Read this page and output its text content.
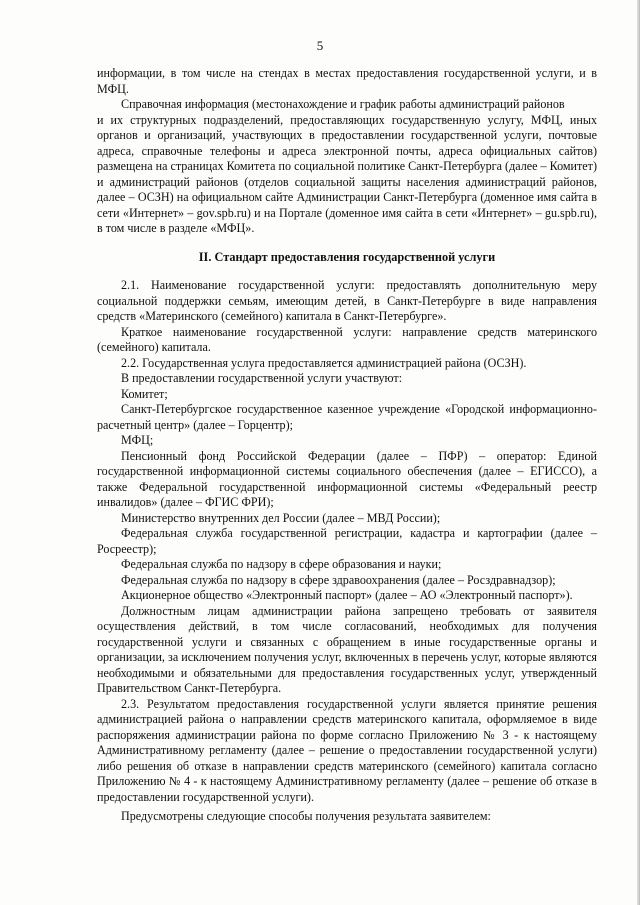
5

информации, в том числе на стендах в местах предоставления государственной услуги, и в МФЦ.

Справочная информация (местонахождение и график работы администраций районов

и их структурных подразделений, предоставляющих государственную услугу, МФЦ, иных органов и организаций, участвующих в предоставлении государственной услуги, почтовые адреса, справочные телефоны и адреса электронной почты, адреса официальных сайтов) размещена на страницах Комитета по социальной политике Санкт-Петербурга (далее – Комитет) и администраций районов (отделов социальной защиты населения администраций районов, далее – ОСЗН) на официальном сайте Администрации Санкт-Петербурга (доменное имя сайта в сети «Интернет» – gov.spb.ru) и на Портале (доменное имя сайта в сети «Интернет» – gu.spb.ru), в том числе в разделе «МФЦ».

II. Стандарт предоставления государственной услуги

2.1. Наименование государственной услуги: предоставлять дополнительную меру социальной поддержки семьям, имеющим детей, в Санкт-Петербурге в виде направления средств «Материнского (семейного) капитала в Санкт-Петербурге».

Краткое наименование государственной услуги: направление средств материнского (семейного) капитала.

2.2. Государственная услуга предоставляется администрацией района (ОСЗН).

В предоставлении государственной услуги участвуют:

Комитет;

Санкт-Петербургское государственное казенное учреждение «Городской информационно-расчетный центр» (далее – Горцентр);

МФЦ;

Пенсионный фонд Российской Федерации (далее – ПФР) – оператор: Единой государственной информационной системы социального обеспечения (далее – ЕГИССО), а также Федеральной государственной информационной системы «Федеральный реестр инвалидов» (далее – ФГИС ФРИ);

Министерство внутренних дел России (далее – МВД России);

Федеральная служба государственной регистрации, кадастра и картографии (далее – Росреестр);

Федеральная служба по надзору в сфере образования и науки;

Федеральная служба по надзору в сфере здравоохранения (далее – Росздравнадзор);

Акционерное общество «Электронный паспорт» (далее – АО «Электронный паспорт»).

Должностным лицам администрации района запрещено требовать от заявителя осуществления действий, в том числе согласований, необходимых для получения государственной услуги и связанных с обращением в иные государственные органы и организации, за исключением получения услуг, включенных в перечень услуг, которые являются необходимыми и обязательными для предоставления государственных услуг, утвержденный Правительством Санкт-Петербурга.

2.3. Результатом предоставления государственной услуги является принятие решения администрацией района о направлении средств материнского капитала, оформляемое в виде распоряжения администрации района по форме согласно Приложению № 3 - к настоящему Административному регламенту (далее – решение о предоставлении государственной услуги) либо решения об отказе в направлении средств материнского (семейного) капитала согласно Приложению № 4 - к настоящему Административному регламенту (далее – решение об отказе в предоставлении государственной услуги).

Предусмотрены следующие способы получения результата заявителем:
